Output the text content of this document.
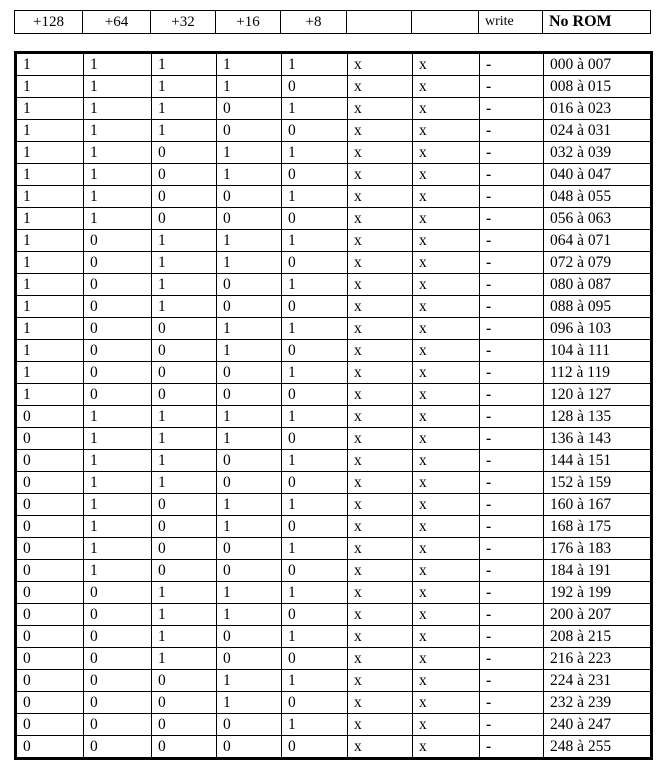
+128	+64	+32	+16	+8			write	No ROM
1	1	1	1	1	x	x	-	000 à 007
1	1	1	1	0	x	x	-	008 à 015
1	1	1	0	1	x	x	-	016 à 023
1	1	1	0	0	x	x	-	024 à 031
1	1	0	1	1	x	x	-	032 à 039
1	1	0	1	0	x	x	-	040 à 047
1	1	0	0	1	x	x	-	048 à 055
1	1	0	0	0	x	x	-	056 à 063
1	0	1	1	1	x	x	-	064 à 071
1	0	1	1	0	x	x	-	072 à 079
1	0	1	0	1	x	x	-	080 à 087
1	0	1	0	0	x	x	-	088 à 095
1	0	0	1	1	x	x	-	096 à 103
1	0	0	1	0	x	x	-	104 à 111
1	0	0	0	1	x	x	-	112 à 119
1	0	0	0	0	x	x	-	120 à 127
0	1	1	1	1	x	x	-	128 à 135
0	1	1	1	0	x	x	-	136 à 143
0	1	1	0	1	x	x	-	144 à 151
0	1	1	0	0	x	x	-	152 à 159
0	1	0	1	1	x	x	-	160 à 167
0	1	0	1	0	x	x	-	168 à 175
0	1	0	0	1	x	x	-	176 à 183
0	1	0	0	0	x	x	-	184 à 191
0	0	1	1	1	x	x	-	192 à 199
0	0	1	1	0	x	x	-	200 à 207
0	0	1	0	1	x	x	-	208 à 215
0	0	1	0	0	x	x	-	216 à 223
0	0	0	1	1	x	x	-	224 à 231
0	0	0	1	0	x	x	-	232 à 239
0	0	0	0	1	x	x	-	240 à 247
0	0	0	0	0	x	x	-	248 à 255
